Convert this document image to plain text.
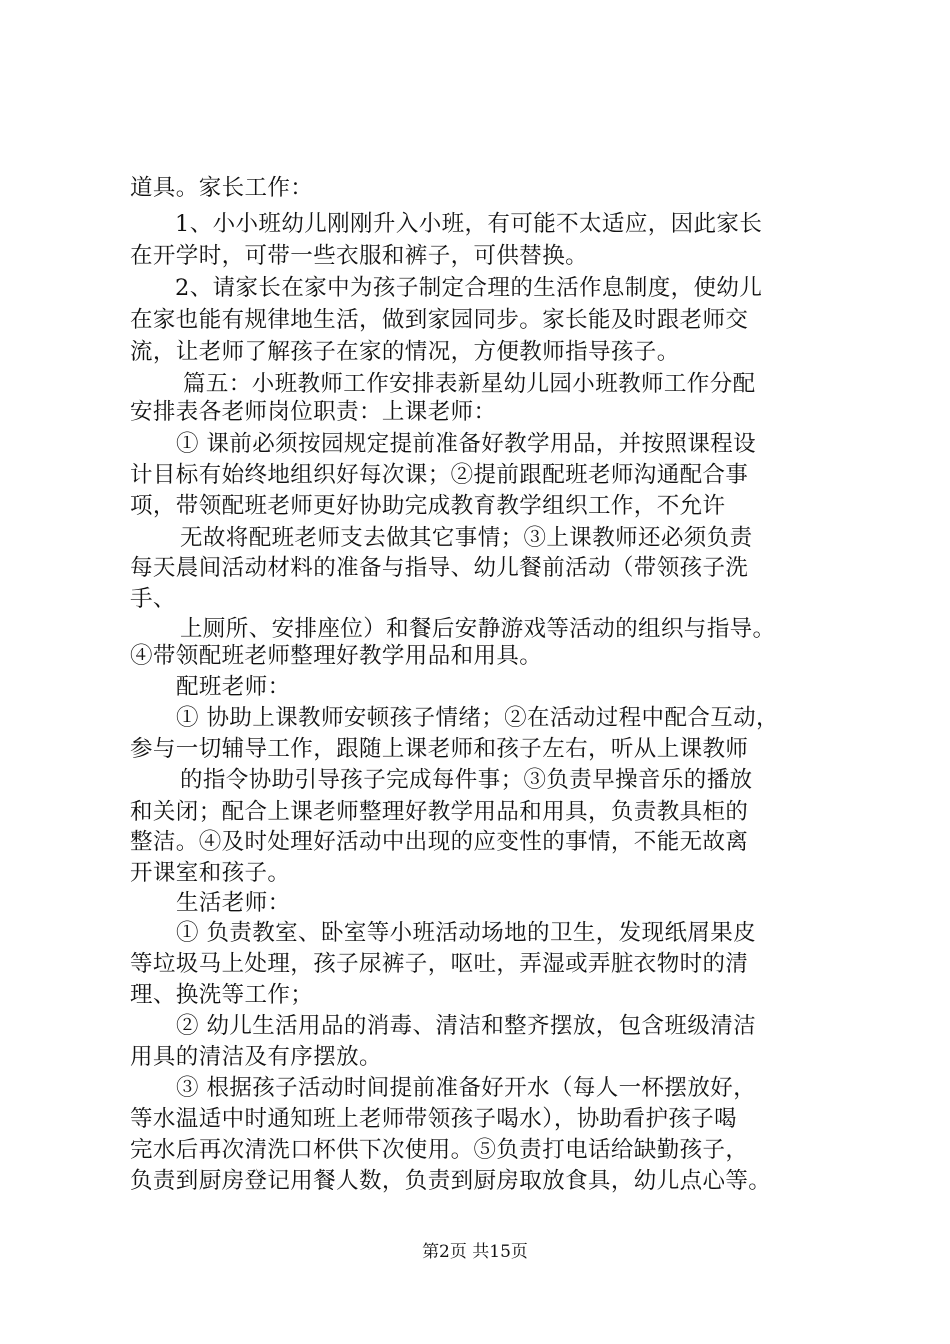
道具。家长工作：
1、小小班幼儿刚刚升入小班，有可能不太适应，因此家长
在开学时，可带一些衣服和裤子，可供替换。
2、请家长在家中为孩子制定合理的生活作息制度，使幼儿
在家也能有规律地生活，做到家园同步。家长能及时跟老师交
流，让老师了解孩子在家的情况，方便教师指导孩子。
篇五：小班教师工作安排表新星幼儿园小班教师工作分配
安排表各老师岗位职责：上课老师：
① 课前必须按园规定提前准备好教学用品，并按照课程设
计目标有始终地组织好每次课；②提前跟配班老师沟通配合事
项，带领配班老师更好协助完成教育教学组织工作，不允许
无故将配班老师支去做其它事情；③上课教师还必须负责
每天晨间活动材料的准备与指导、幼儿餐前活动（带领孩子洗
手、
上厕所、安排座位）和餐后安静游戏等活动的组织与指导。
④带领配班老师整理好教学用品和用具。
配班老师：
① 协助上课教师安顿孩子情绪；②在活动过程中配合互动，
参与一切辅导工作，跟随上课老师和孩子左右，听从上课教师
的指令协助引导孩子完成每件事；③负责早操音乐的播放
和关闭；配合上课老师整理好教学用品和用具，负责教具柜的
整洁。④及时处理好活动中出现的应变性的事情，不能无故离
开课室和孩子。
生活老师：
① 负责教室、卧室等小班活动场地的卫生，发现纸屑果皮
等垃圾马上处理，孩子尿裤子，呕吐，弄湿或弄脏衣物时的清
理、换洗等工作；
② 幼儿生活用品的消毒、清洁和整齐摆放，包含班级清洁
用具的清洁及有序摆放。
③ 根据孩子活动时间提前准备好开水（每人一杯摆放好，
等水温适中时通知班上老师带领孩子喝水），协助看护孩子喝
完水后再次清洗口杯供下次使用。⑤负责打电话给缺勤孩子，
负责到厨房登记用餐人数，负责到厨房取放食具，幼儿点心等。
第2页 共15页
